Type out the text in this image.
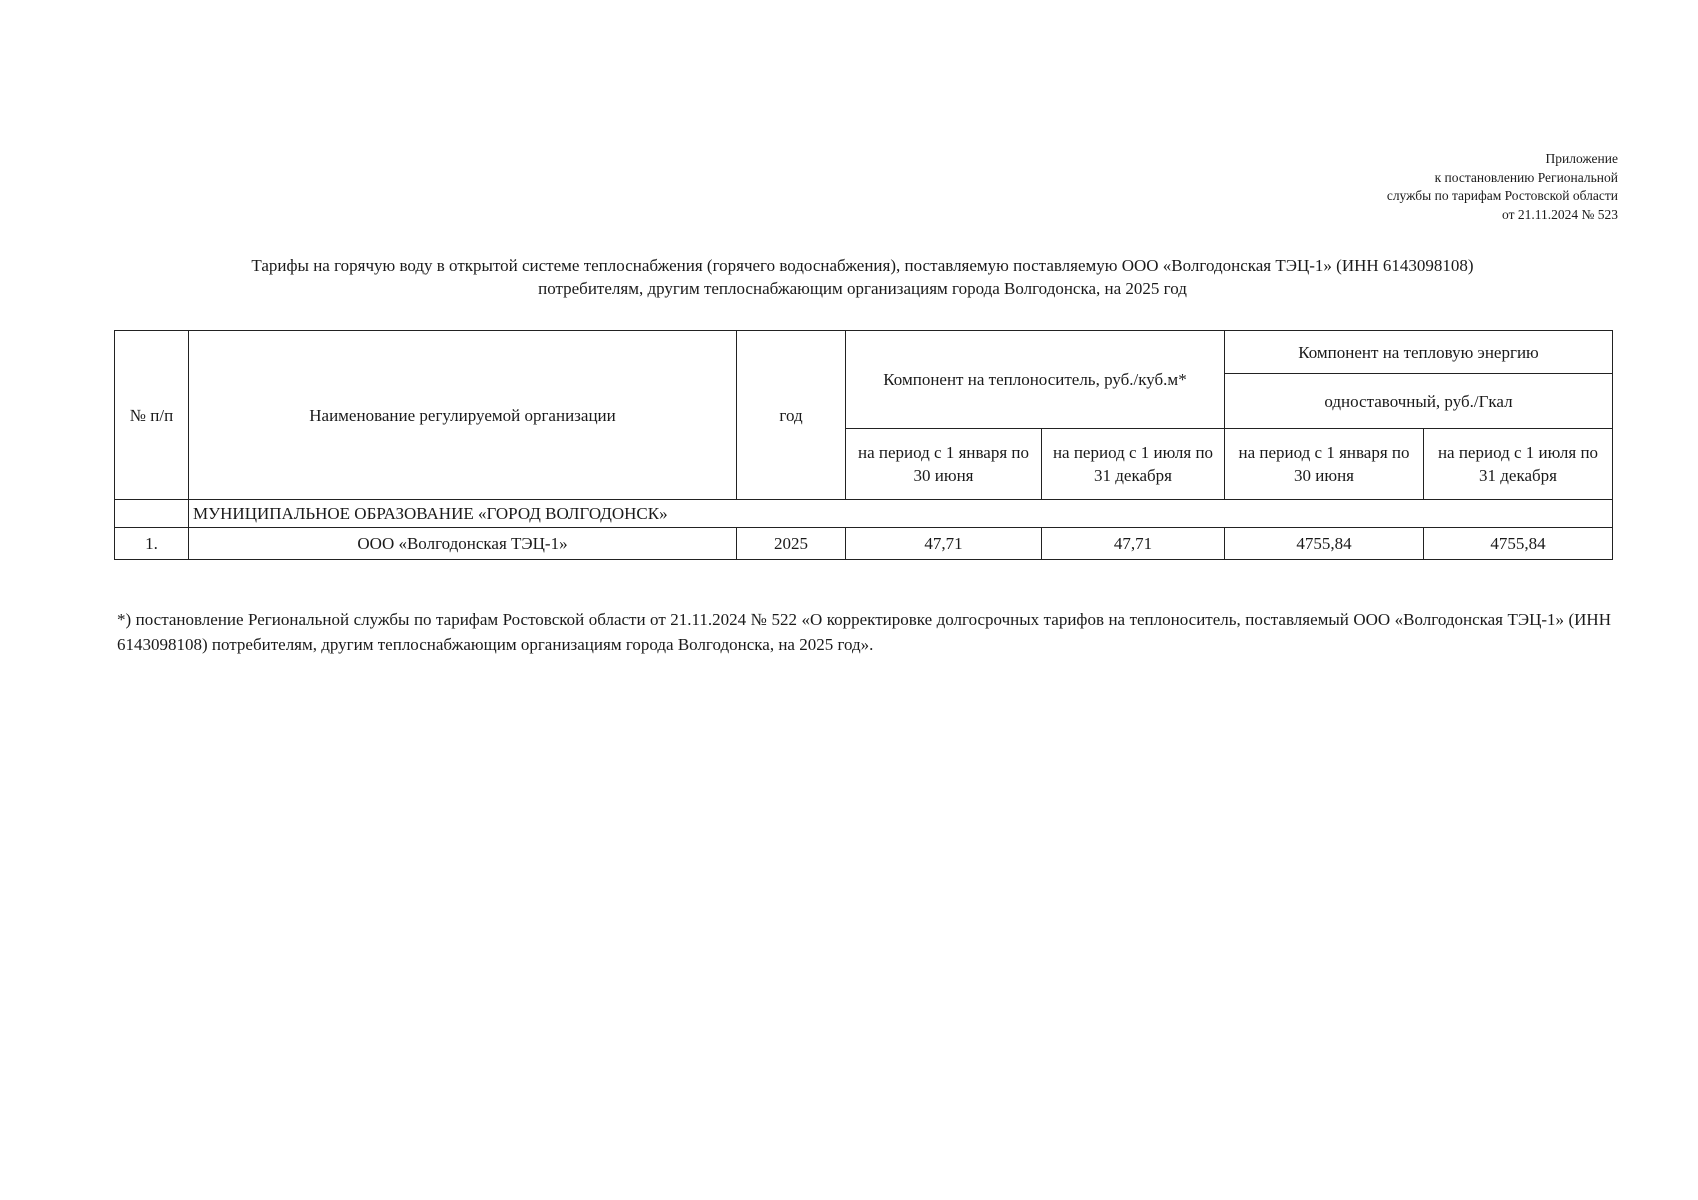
Приложение
к постановлению Региональной
службы по тарифам Ростовской области
от 21.11.2024 № 523
Тарифы на горячую воду в открытой системе теплоснабжения (горячего водоснабжения), поставляемую поставляемую ООО «Волгодонская ТЭЦ-1» (ИНН 6143098108)
потребителям, другим теплоснабжающим организациям города Волгодонска, на 2025 год
№ п/п	Наименование регулируемой организации	год	Компонент на теплоноситель, руб./куб.м*		Компонент на тепловую энергию	
					одноставочный, руб./Гкал	
			на период с 1 января по 30 июня	на период с 1 июля по 31 декабря	на период с 1 января по 30 июня	на период с 1 июля по 31 декабря
	МУНИЦИПАЛЬНОЕ ОБРАЗОВАНИЕ «ГОРОД ВОЛГОДОНСК»					
1.	ООО «Волгодонская ТЭЦ-1»	2025	47,71	47,71	4755,84	4755,84
*) постановление Региональной службы по тарифам Ростовской области от 21.11.2024 № 522 «О корректировке долгосрочных тарифов на теплоноситель, поставляемый ООО «Волгодонская ТЭЦ-1» (ИНН 6143098108) потребителям, другим теплоснабжающим организациям города Волгодонска, на 2025 год».
